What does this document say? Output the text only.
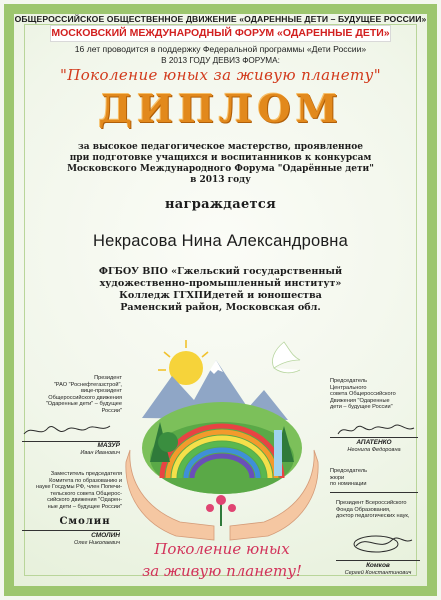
ОБЩЕРОССИЙСКОЕ ОБЩЕСТВЕННОЕ ДВИЖЕНИЕ «ОДАРЕННЫЕ ДЕТИ – БУДУЩЕЕ РОССИИ»
МОСКОВСКИЙ МЕЖДУНАРОДНЫЙ ФОРУМ «ОДАРЕННЫЕ ДЕТИ»
16 лет проводится в поддержку Федеральной программы «Дети России»
В 2013 ГОДУ ДЕВИЗ ФОРУМА:
"Поколение юных за живую планету"
ДИПЛОМ
за высокое педагогическое мастерство, проявленное
при подготовке учащихся и воспитанников к конкурсам
Московского Международного Форума "Одарённые дети"
в 2013 году
награждается
Некрасова Нина Александровна
ФГБОУ ВПО «Гжельский государственный
художественно-промышленный институт»
Колледж ГГХПИдетей и юношества
Раменский район, Московская обл.
Поколение юных
за живую планету!
Президент
"РАО "Роснефтегазстрой",
вице-президент
Общероссийского движения
"Одаренные дети" – будущее
России"
МАЗУР
Иван Иванович
Председатель
Центрального
совета Общероссийского
Движения "Одаренные
дети – будущее России"
АПАТЕНКО
Неонила Федоровна
Заместитель председателя
Комитета по образованию и
науке Госдумы РФ, член Попечи-
тельского совета Общерос-
сийского движения "Одарен-
ные дети – будущее России"
Смолин
СМОЛИН
Олег Николаевич
Председатель
жюри
по номинации
Президент Всероссийского
Фонда Образования,
доктор педагогических наук,
Комков
Сергей Константинович
